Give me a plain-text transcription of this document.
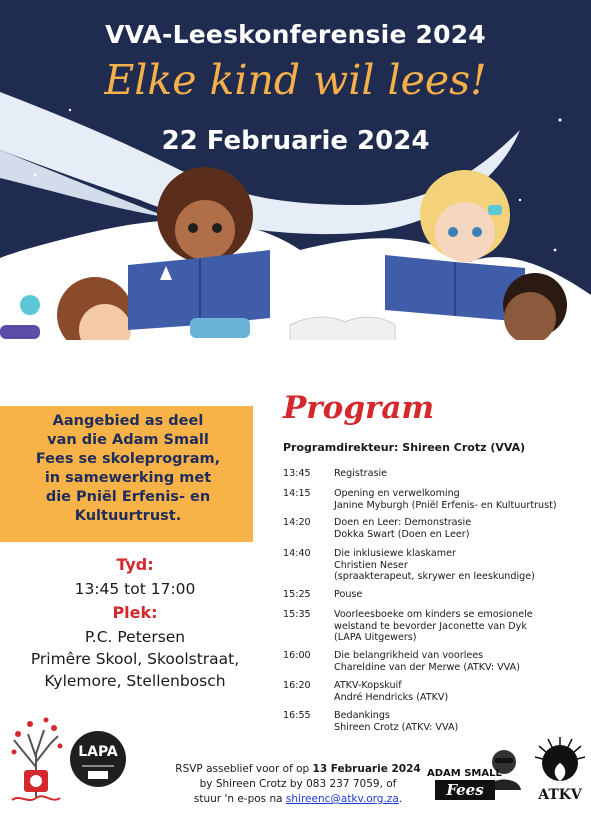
VVA-Leeskonferensie 2024
Elke kind wil lees!
22 Februarie 2024
Aangebied as deel
van die Adam Small
Fees se skoleprogram,
in samewerking met
die Pniël Erfenis- en
Kultuurtrust.
Tyd:
13:45 tot 17:00
Plek:
P.C. Petersen
Primêre Skool, Skoolstraat,
Kylemore, Stellenbosch
Program
Programdirekteur: Shireen Crotz (VVA)
13:45	Registrasie
14:15	Opening en verwelkoming
Janine Myburgh (Pniël Erfenis- en Kultuurtrust)
14:20	Doen en Leer: Demonstrasie
Dokka Swart (Doen en Leer)
14:40	Die inklusiewe klaskamer
Christien Neser
(spraakterapeut, skrywer en leeskundige)
15:25	Pouse
15:35	Voorleesboeke om kinders se emosionele
welstand te bevorder Jaconette van Dyk
(LAPA Uitgewers)
16:00	Die belangrikheid van voorlees
Chareldine van der Merwe (ATKV: VVA)
16:20	ATKV-Kopskuif
André Hendricks (ATKV)
16:55	Bedankings
Shireen Crotz (ATKV: VVA)
LAPA
RSVP asseblief voor of op 13 Februarie 2024
by Shireen Crotz by 083 237 7059, of
stuur 'n e-pos na shireenc@atkv.org.za.
ADAM SMALL
Fees	ATKV
